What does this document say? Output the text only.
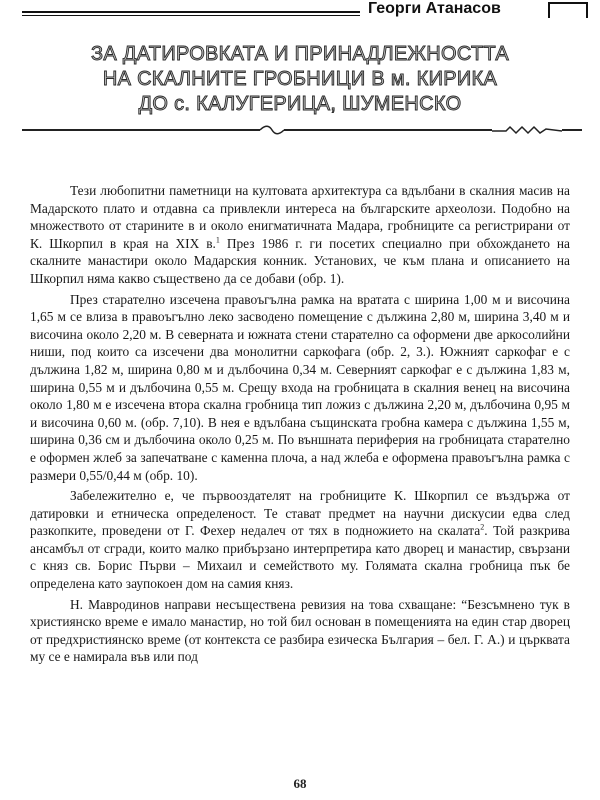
Георги Атанасов
ЗА ДАТИРОВКАТА И ПРИНАДЛЕЖНОСТТА
НА СКАЛНИТЕ ГРОБНИЦИ В м. КИРИКА
ДО с. КАЛУГЕРИЦА, ШУМЕНСКО

Тези любопитни паметници на култовата архитектура са вдълбани в скалния масив на Мадарското плато и отдавна са привлекли интереса на българските археолози. Подобно на множеството от старините в и около енигматичната Мадара, гробниците са регистрирани от К. Шкорпил в края на XIX в.$^1$ През 1986 г. ги посетих специално при обхождането на скалните манастири около Мадарския конник. Установих, че към плана и описанието на Шкорпил няма какво съществено да се добави (обр. 1).

През старателно изсечена правоъгълна рамка на вратата с ширина 1,00 м и височина 1,65 м се влиза в правоъгълно леко засводено помещение с дължина 2,80 м, ширина 3,40 м и височина около 2,20 м. В северната и южната стени старателно са оформени две аркосолийни ниши, под които са изсечени два монолитни саркофага (обр. 2, 3.). Южният саркофаг е с дължина 1,82 м, ширина 0,80 м и дълбочина 0,34 м. Северният саркофаг е с дължина 1,83 м, ширина 0,55 м и дълбочина 0,55 м. Срещу входа на гробницата в скалния венец на височина около 1,80 м е изсечена втора скална гробница тип ложиз с дължина 2,20 м, дълбочина 0,95 м и височина 0,60 м. (обр. 7,10). В нея е вдълбана същинската гробна камера с дължина 1,55 м, ширина 0,36 см и дълбочина около 0,25 м. По външната периферия на гробницата старателно е оформен жлеб за запечатване с каменна плоча, а над жлеба е оформена правоъгълна рамка с размери 0,55/0,44 м (обр. 10).

Забележително е, че първооздателят на гробниците К. Шкорпил се въздържа от датировки и етническа определеност. Те стават предмет на научни дискусии едва след разкопките, проведени от Г. Фехер недалеч от тях в подножието на скалата$^2$. Той разкрива ансамбъл от сгради, които малко прибързано интерпретира като дворец и манастир, свързани с княз св. Борис Първи – Михаил и семейството му. Голямата скална гробница пък бе определена като заупокоен дом на самия княз.

Н. Мавродинов направи несъществена ревизия на това схващане: “Безсъмнено тук в християнско време е имало манастир, но той бил основан в помещенията на един стар дворец от предхристиянско време (от контекста се разбира езическа България – бел. Г. А.) и църквата му се е намирала във или под

68
